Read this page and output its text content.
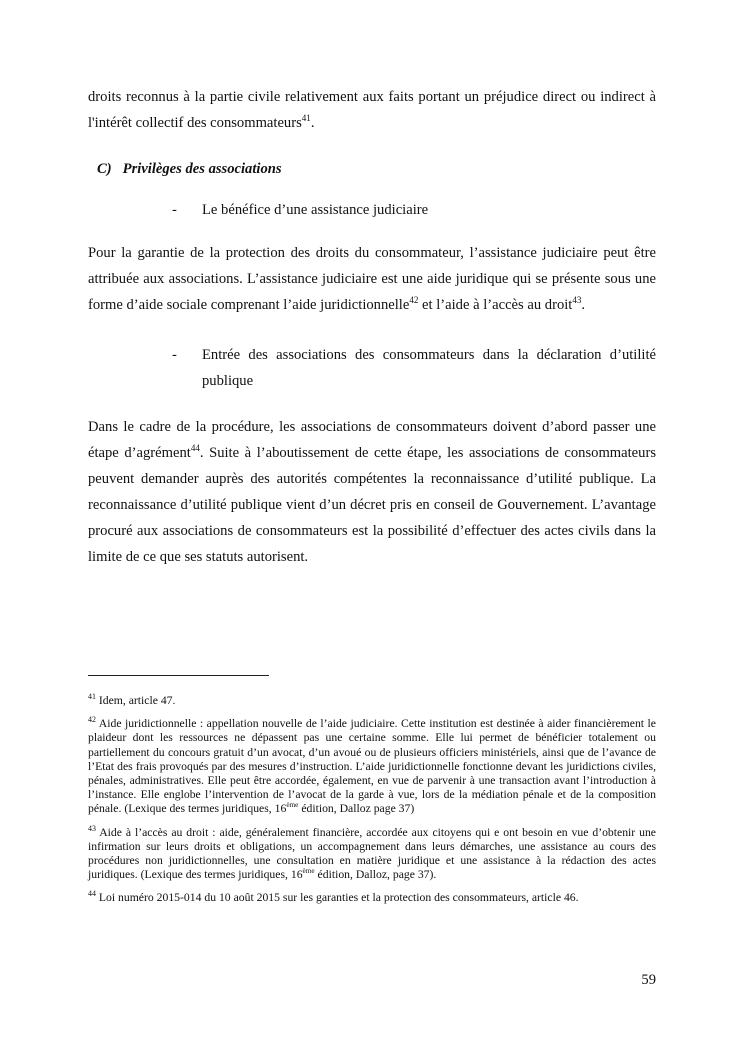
droits reconnus à la partie civile relativement aux faits portant un préjudice direct ou indirect à l'intérêt collectif des consommateurs$^{41}$.

C) Privilèges des associations

-	Le bénéfice d’une assistance judiciaire

Pour la garantie de la protection des droits du consommateur, l’assistance judiciaire peut être attribuée aux associations. L’assistance judiciaire est une aide juridique qui se présente sous une forme d’aide sociale comprenant l’aide juridictionnelle$^{42}$ et l’aide à l’accès au droit$^{43}$.

-	Entrée des associations des consommateurs dans la déclaration d’utilité publique

Dans le cadre de la procédure, les associations de consommateurs doivent d’abord passer une étape d’agrément$^{44}$. Suite à l’aboutissement de cette étape, les associations de consommateurs peuvent demander auprès des autorités compétentes la reconnaissance d’utilité publique. La reconnaissance d’utilité publique vient d’un décret pris en conseil de Gouvernement. L’avantage procuré aux associations de consommateurs est la possibilité d’effectuer des actes civils dans la limite de ce que ses statuts autorisent.

$^{41}$ Idem, article 47.

$^{42}$ Aide juridictionnelle : appellation nouvelle de l’aide judiciaire. Cette institution est destinée à aider financièrement le plaideur dont les ressources ne dépassent pas une certaine somme. Elle lui permet de bénéficier totalement ou partiellement du concours gratuit d’un avocat, d’un avoué ou de plusieurs officiers ministériels, ainsi que de l’avance de l’Etat des frais provoqués par des mesures d’instruction. L’aide juridictionnelle fonctionne devant les juridictions civiles, pénales, administratives. Elle peut être accordée, également, en vue de parvenir à une transaction avant l’introduction à l’instance. Elle englobe l’intervention de l’avocat de la garde à vue, lors de la médiation pénale et de la composition pénale. (Lexique des termes juridiques, 16ème édition, Dalloz page 37)

$^{43}$ Aide à l’accès au droit : aide, généralement financière, accordée aux citoyens qui e ont besoin en vue d’obtenir une infirmation sur leurs droits et obligations, un accompagnement dans leurs démarches, une assistance au cours des procédures non juridictionnelles, une consultation en matière juridique et une assistance à la rédaction des actes juridiques. (Lexique des termes juridiques, 16ème édition, Dalloz, page 37).

$^{44}$ Loi numéro 2015-014 du 10 août 2015 sur les garanties et la protection des consommateurs, article 46.

59
